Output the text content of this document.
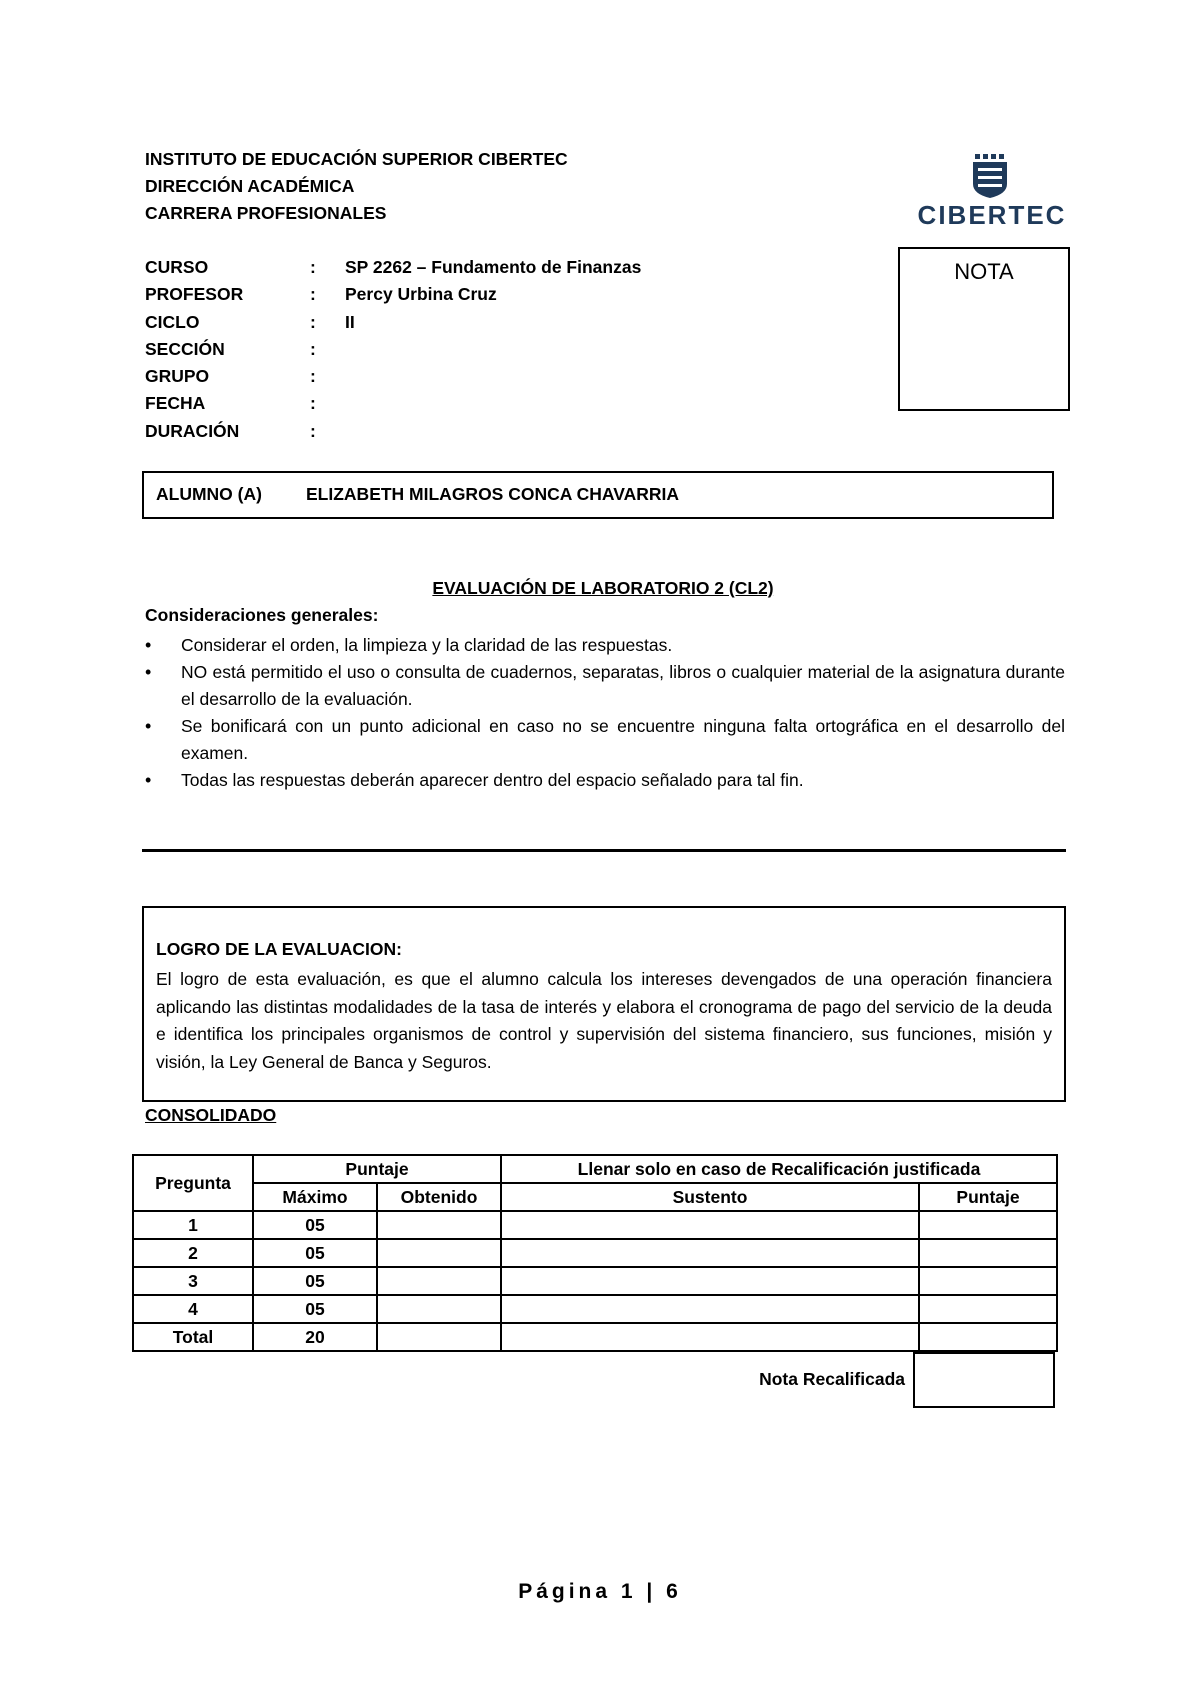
INSTITUTO DE EDUCACIÓN SUPERIOR CIBERTEC
DIRECCIÓN ACADÉMICA
CARRERA PROFESIONALES	CIBERTEC
CURSO	: SP 2262 – Fundamento de Finanzas
PROFESOR	: Percy Urbina Cruz
CICLO	: II
SECCIÓN	:
GRUPO	:
FECHA	:
DURACIÓN	:
NOTA
ALUMNO (A)	ELIZABETH MILAGROS CONCA CHAVARRIA
EVALUACIÓN DE LABORATORIO 2 (CL2)
Consideraciones generales:
• Considerar el orden, la limpieza y la claridad de las respuestas.
• NO está permitido el uso o consulta de cuadernos, separatas, libros o cualquier material de la asignatura durante el desarrollo de la evaluación.
• Se bonificará con un punto adicional en caso no se encuentre ninguna falta ortográfica en el desarrollo del examen.
• Todas las respuestas deberán aparecer dentro del espacio señalado para tal fin.
LOGRO DE LA EVALUACION:
El logro de esta evaluación, es que el alumno calcula los intereses devengados de una operación financiera aplicando las distintas modalidades de la tasa de interés y elabora el cronograma de pago del servicio de la deuda e identifica los principales organismos de control y supervisión del sistema financiero, sus funciones, misión y visión, la Ley General de Banca y Seguros.
CONSOLIDADO
Pregunta	Puntaje		Llenar solo en caso de Recalificación justificada	
	Máximo	Obtenido	Sustento	Puntaje
1	05			
2	05			
3	05			
4	05			
Total	20			
Nota Recalificada
Página 1 | 6
